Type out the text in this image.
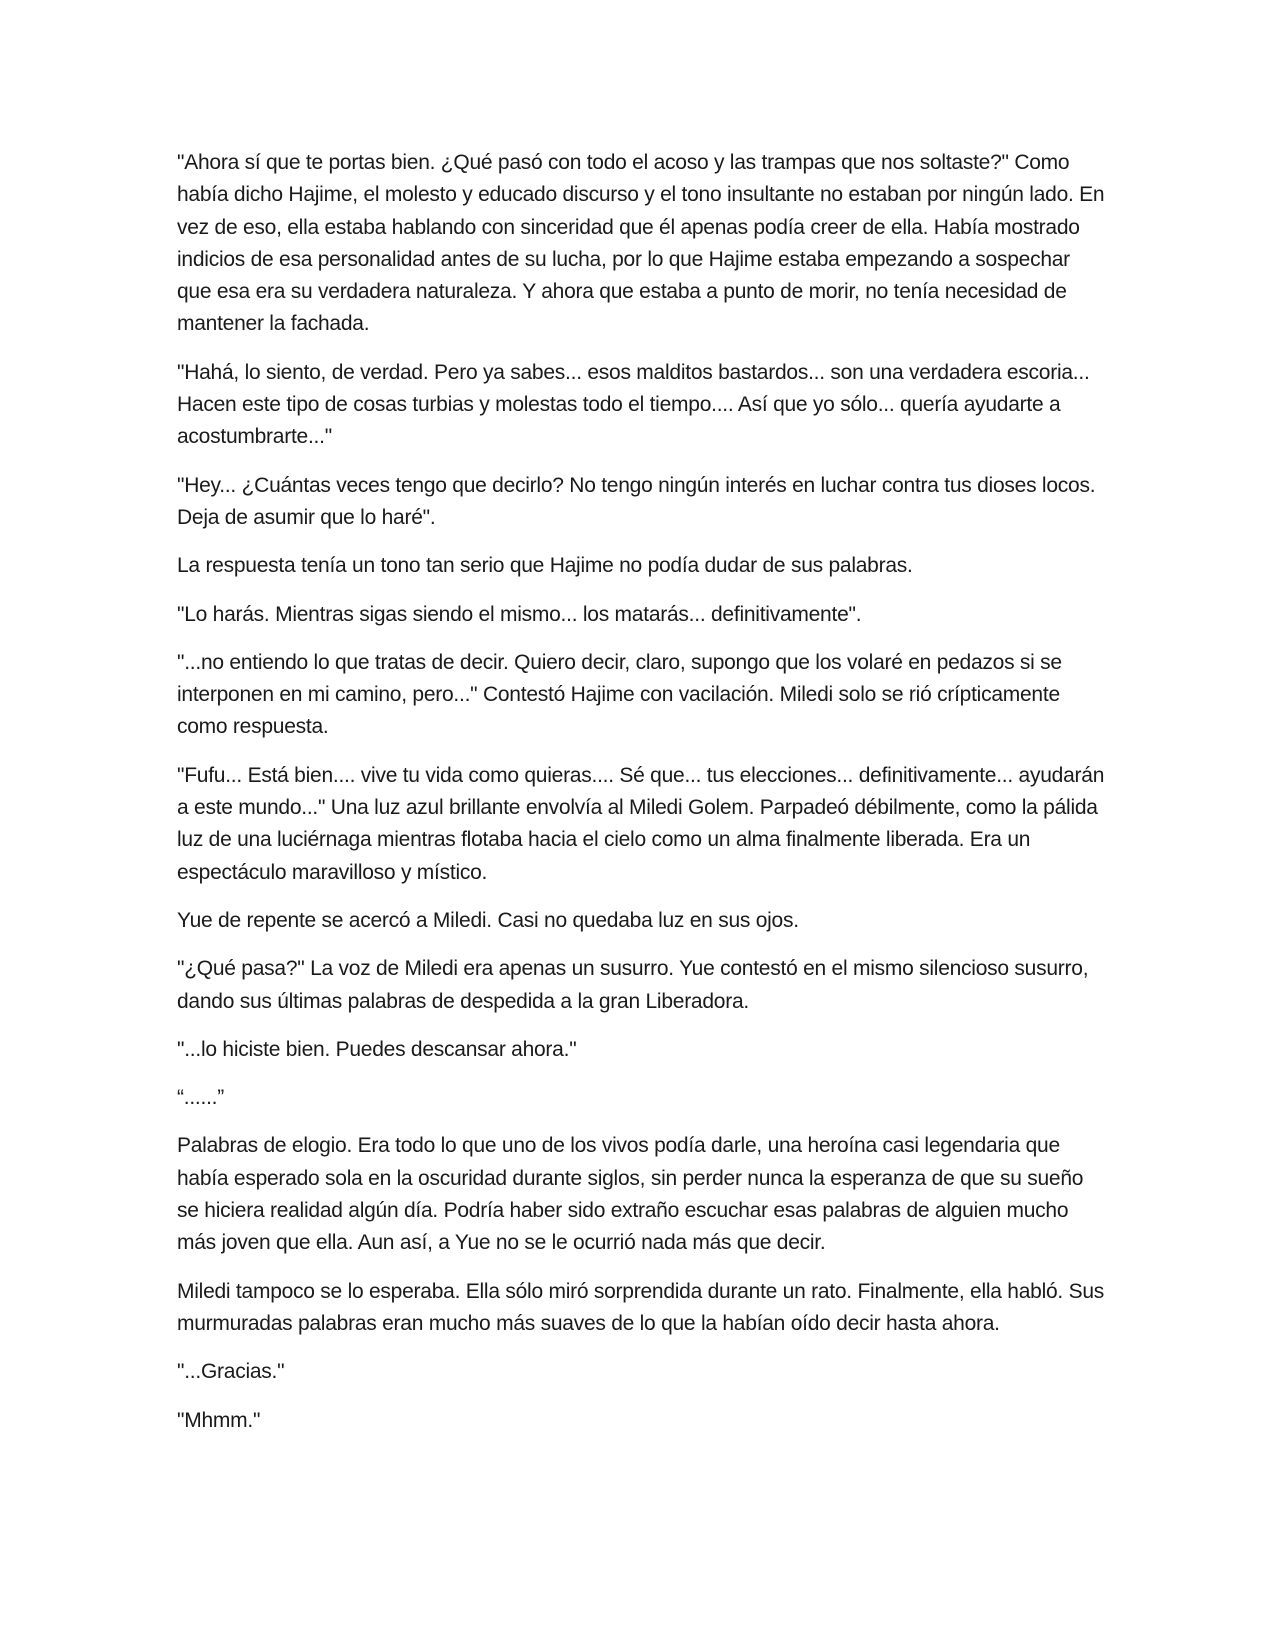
"Ahora sí que te portas bien. ¿Qué pasó con todo el acoso y las trampas que nos soltaste?" Como había dicho Hajime, el molesto y educado discurso y el tono insultante no estaban por ningún lado. En vez de eso, ella estaba hablando con sinceridad que él apenas podía creer de ella. Había mostrado indicios de esa personalidad antes de su lucha, por lo que Hajime estaba empezando a sospechar que esa era su verdadera naturaleza. Y ahora que estaba a punto de morir, no tenía necesidad de mantener la fachada.

"Hahá, lo siento, de verdad. Pero ya sabes... esos malditos bastardos... son una verdadera escoria... Hacen este tipo de cosas turbias y molestas todo el tiempo.... Así que yo sólo... quería ayudarte a acostumbrarte..."

"Hey... ¿Cuántas veces tengo que decirlo? No tengo ningún interés en luchar contra tus dioses locos. Deja de asumir que lo haré".

La respuesta tenía un tono tan serio que Hajime no podía dudar de sus palabras.

"Lo harás. Mientras sigas siendo el mismo... los matarás... definitivamente".

"...no entiendo lo que tratas de decir. Quiero decir, claro, supongo que los volaré en pedazos si se interponen en mi camino, pero..." Contestó Hajime con vacilación. Miledi solo se rió crípticamente como respuesta.

"Fufu... Está bien.... vive tu vida como quieras.... Sé que... tus elecciones... definitivamente... ayudarán a este mundo..." Una luz azul brillante envolvía al Miledi Golem. Parpadeó débilmente, como la pálida luz de una luciérnaga mientras flotaba hacia el cielo como un alma finalmente liberada. Era un espectáculo maravilloso y místico.

Yue de repente se acercó a Miledi. Casi no quedaba luz en sus ojos.

"¿Qué pasa?" La voz de Miledi era apenas un susurro. Yue contestó en el mismo silencioso susurro, dando sus últimas palabras de despedida a la gran Liberadora.

"...lo hiciste bien. Puedes descansar ahora."

“......”

Palabras de elogio. Era todo lo que uno de los vivos podía darle, una heroína casi legendaria que había esperado sola en la oscuridad durante siglos, sin perder nunca la esperanza de que su sueño se hiciera realidad algún día. Podría haber sido extraño escuchar esas palabras de alguien mucho más joven que ella. Aun así, a Yue no se le ocurrió nada más que decir.

Miledi tampoco se lo esperaba. Ella sólo miró sorprendida durante un rato. Finalmente, ella habló. Sus murmuradas palabras eran mucho más suaves de lo que la habían oído decir hasta ahora.

"...Gracias."

"Mhmm."
